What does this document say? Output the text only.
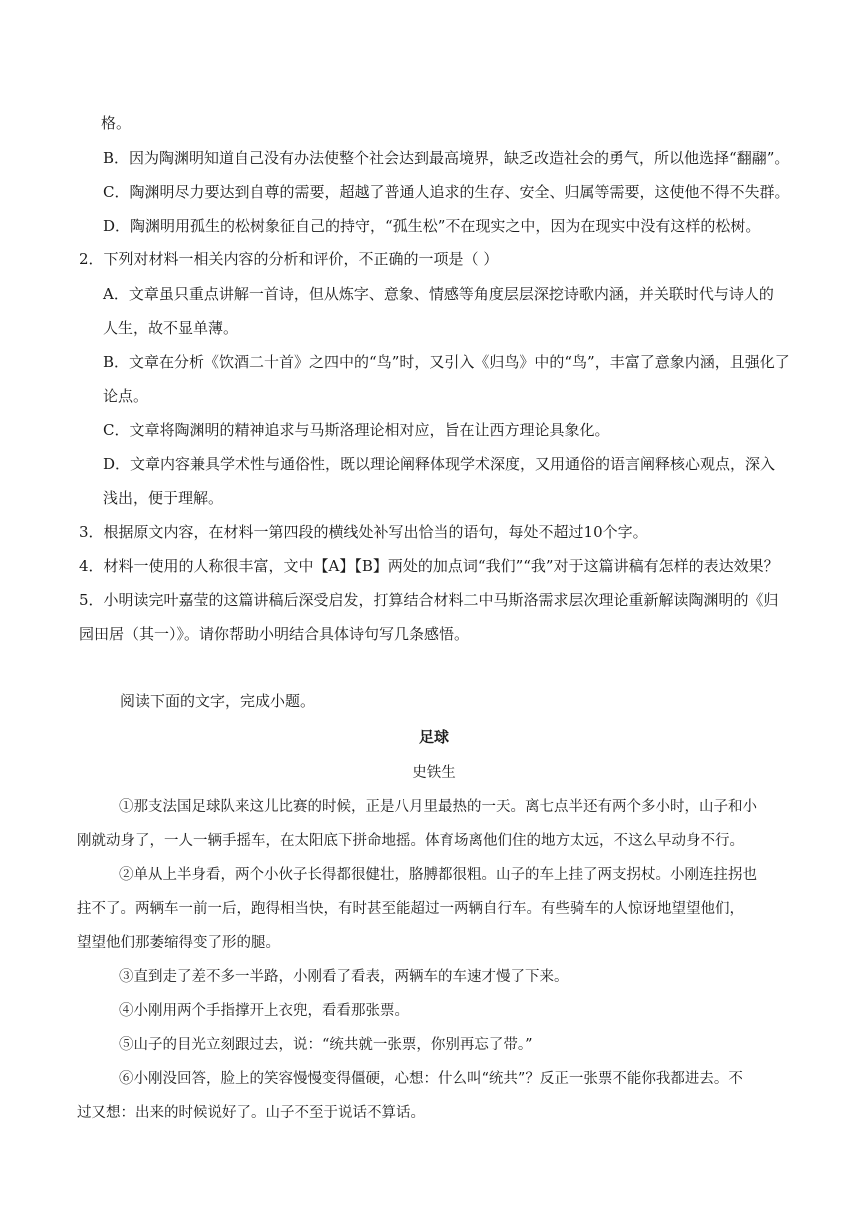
格。
B．因为陶渊明知道自己没有办法使整个社会达到最高境界，缺乏改造社会的勇气，所以他选择“翻翮”。
C．陶渊明尽力要达到自尊的需要，超越了普通人追求的生存、安全、归属等需要，这使他不得不失群。
D．陶渊明用孤生的松树象征自己的持守，“孤生松”不在现实之中，因为在现实中没有这样的松树。
2．下列对材料一相关内容的分析和评价，不正确的一项是（ ）
A．文章虽只重点讲解一首诗，但从炼字、意象、情感等角度层层深挖诗歌内涵，并关联时代与诗人的
人生，故不显单薄。
B．文章在分析《饮酒二十首》之四中的“鸟”时，又引入《归鸟》中的“鸟”，丰富了意象内涵，且强化了
论点。
C．文章将陶渊明的精神追求与马斯洛理论相对应，旨在让西方理论具象化。
D．文章内容兼具学术性与通俗性，既以理论阐释体现学术深度，又用通俗的语言阐释核心观点，深入
浅出，便于理解。
3．根据原文内容，在材料一第四段的横线处补写出恰当的语句，每处不超过10个字。
4．材料一使用的人称很丰富，文中【A】【B】两处的加点词“我们”“我”对于这篇讲稿有怎样的表达效果？
5．小明读完叶嘉莹的这篇讲稿后深受启发，打算结合材料二中马斯洛需求层次理论重新解读陶渊明的《归
园田居（其一）》。请你帮助小明结合具体诗句写几条感悟。
阅读下面的文字，完成小题。
足球
史铁生
①那支法国足球队来这儿比赛的时候，正是八月里最热的一天。离七点半还有两个多小时，山子和小
刚就动身了，一人一辆手摇车，在太阳底下拼命地摇。体育场离他们住的地方太远，不这么早动身不行。
②单从上半身看，两个小伙子长得都很健壮，胳膊都很粗。山子的车上挂了两支拐杖。小刚连拄拐也
拄不了。两辆车一前一后，跑得相当快，有时甚至能超过一两辆自行车。有些骑车的人惊讶地望望他们，
望望他们那萎缩得变了形的腿。
③直到走了差不多一半路，小刚看了看表，两辆车的车速才慢了下来。
④小刚用两个手指撑开上衣兜，看看那张票。
⑤山子的目光立刻跟过去，说：“统共就一张票，你别再忘了带。”
⑥小刚没回答，脸上的笑容慢慢变得僵硬，心想：什么叫“统共”？反正一张票不能你我都进去。不
过又想：出来的时候说好了。山子不至于说话不算话。
